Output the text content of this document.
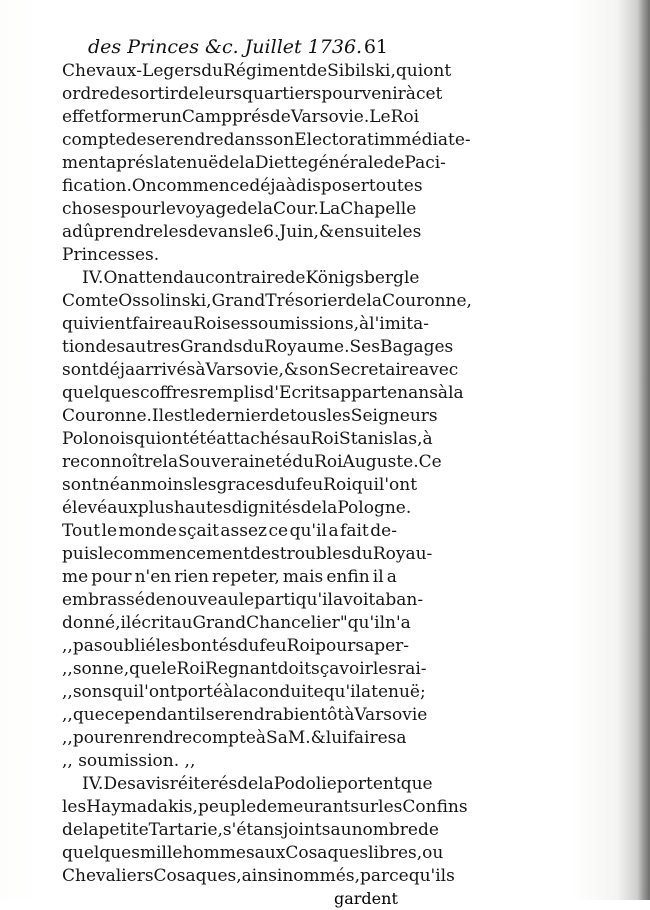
des Princes &c. Juillet 1736. 61
Chevaux - Legers du Régiment de Sibilski, qui ont
ordre de sortir de leurs quartiers pour venir à cet
effet former un Camp prés de Varsovie. Le Roi
compte de se rendre dans son Electorat immédiate-
ment aprés la tenuë de la Diette générale de Paci-
fication. On commence déja à disposer toutes
choses pour le voyage de la Cour. La Chapelle
a dû prendre les devans le 6. Juin, & ensuite les
Princesses.
IV. On attend au contraire de Königsberg le
Comte Ossolinski, Grand Trésorier de la Couronne,
qui vient faire au Roi ses soumissions, à l'imita-
tion des autres Grands du Royaume. Ses Bagages
sont déja arrivés à Varsovie, & son Secretaire avec
quelques coffres remplis d'Ecrits appartenans à la
Couronne. Il est le dernier de tous les Seigneurs
Polonois qui ont été attachés au Roi Stanislas, à
reconnoître la Souveraineté du Roi Auguste. Ce
sont néanmoins les graces du feu Roi qui l'ont
élevé aux plus hautes dignités de la Pologne.
Tout le monde sçait assez ce qu'il a fait de-
puis le commencement des troubles du Royau-
me pour n'en rien repeter, mais enfin il a
embrassé de nouveau le parti qu'il avoit aban-
donné, il écrit au Grand Chancelier " qu'il n'a
,, pas oublié les bontés du feu Roi pour sa per-
,, sonne, que le Roi Regnant doit sçavoir les rai-
,, sons qui l'ont porté à la conduite qu'il a tenuë;
,, que cependant il se rendra bientôt à Varsovie
,, pour en rendre compte à Sa M. & lui faire sa
,, soumission. ,,
IV. Des avis réiterés de la Podolie portent que
les Haymadakis, peuple demeurant sur les Confins
de la petite Tartarie, s'étans joints au nombre de
quelques mille hommes aux Cosaques libres, ou
Chevaliers Cosaques, ainsi nommés, parce qu'ils
gardent
